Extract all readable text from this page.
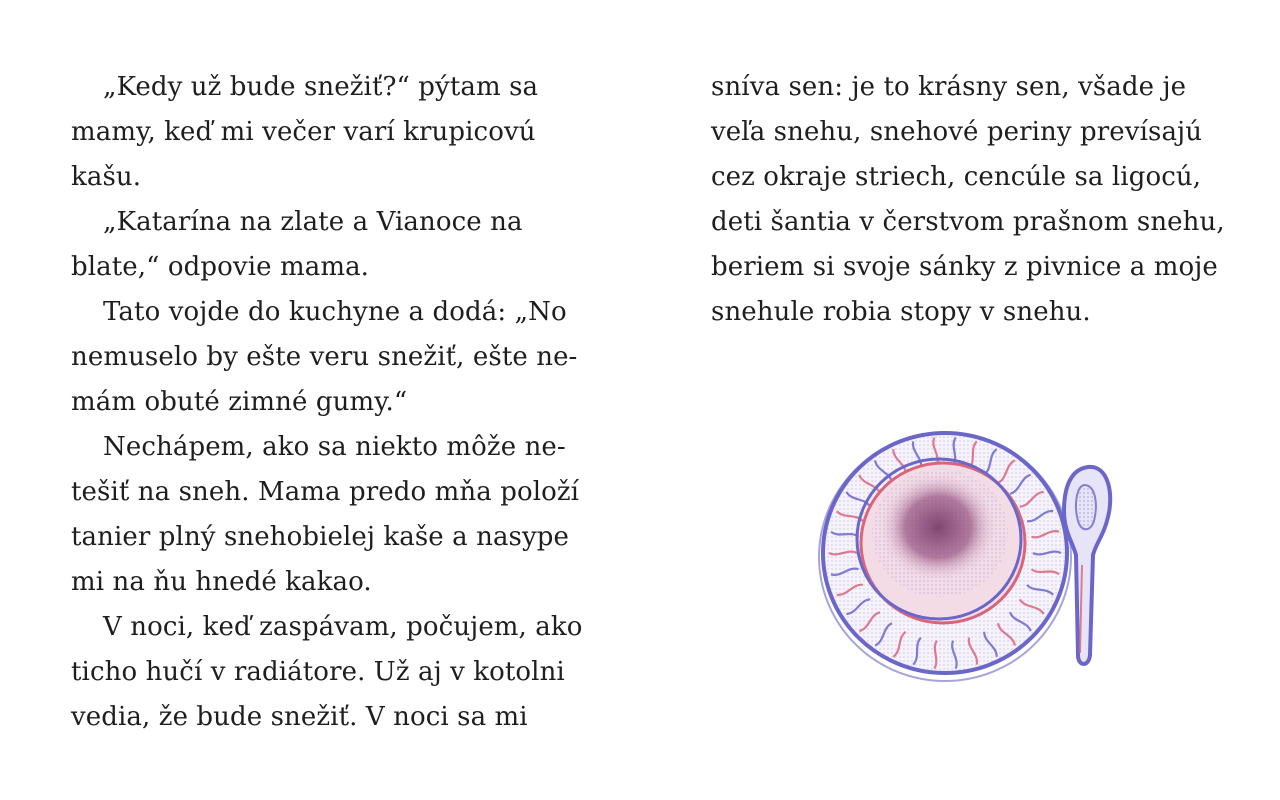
„Kedy už bude snežiť?“ pýtam sa
mamy, keď mi večer varí krupicovú
kašu.
„Katarína na zlate a Vianoce na
blate,“ odpovie mama.
Tato vojde do kuchyne a dodá: „No
nemuselo by ešte veru snežiť, ešte ne-
mám obuté zimné gumy.“
Nechápem, ako sa niekto môže ne-
tešiť na sneh. Mama predo mňa položí
tanier plný snehobielej kaše a nasype
mi na ňu hnedé kakao.
V noci, keď zaspávam, počujem, ako
ticho hučí v radiátore. Už aj v kotolni
vedia, že bude snežiť. V noci sa mi
sníva sen: je to krásny sen, všade je
veľa snehu, snehové periny prevísajú
cez okraje striech, cencúle sa ligocú,
deti šantia v čerstvom prašnom snehu,
beriem si svoje sánky z pivnice a moje
snehule robia stopy v snehu.
